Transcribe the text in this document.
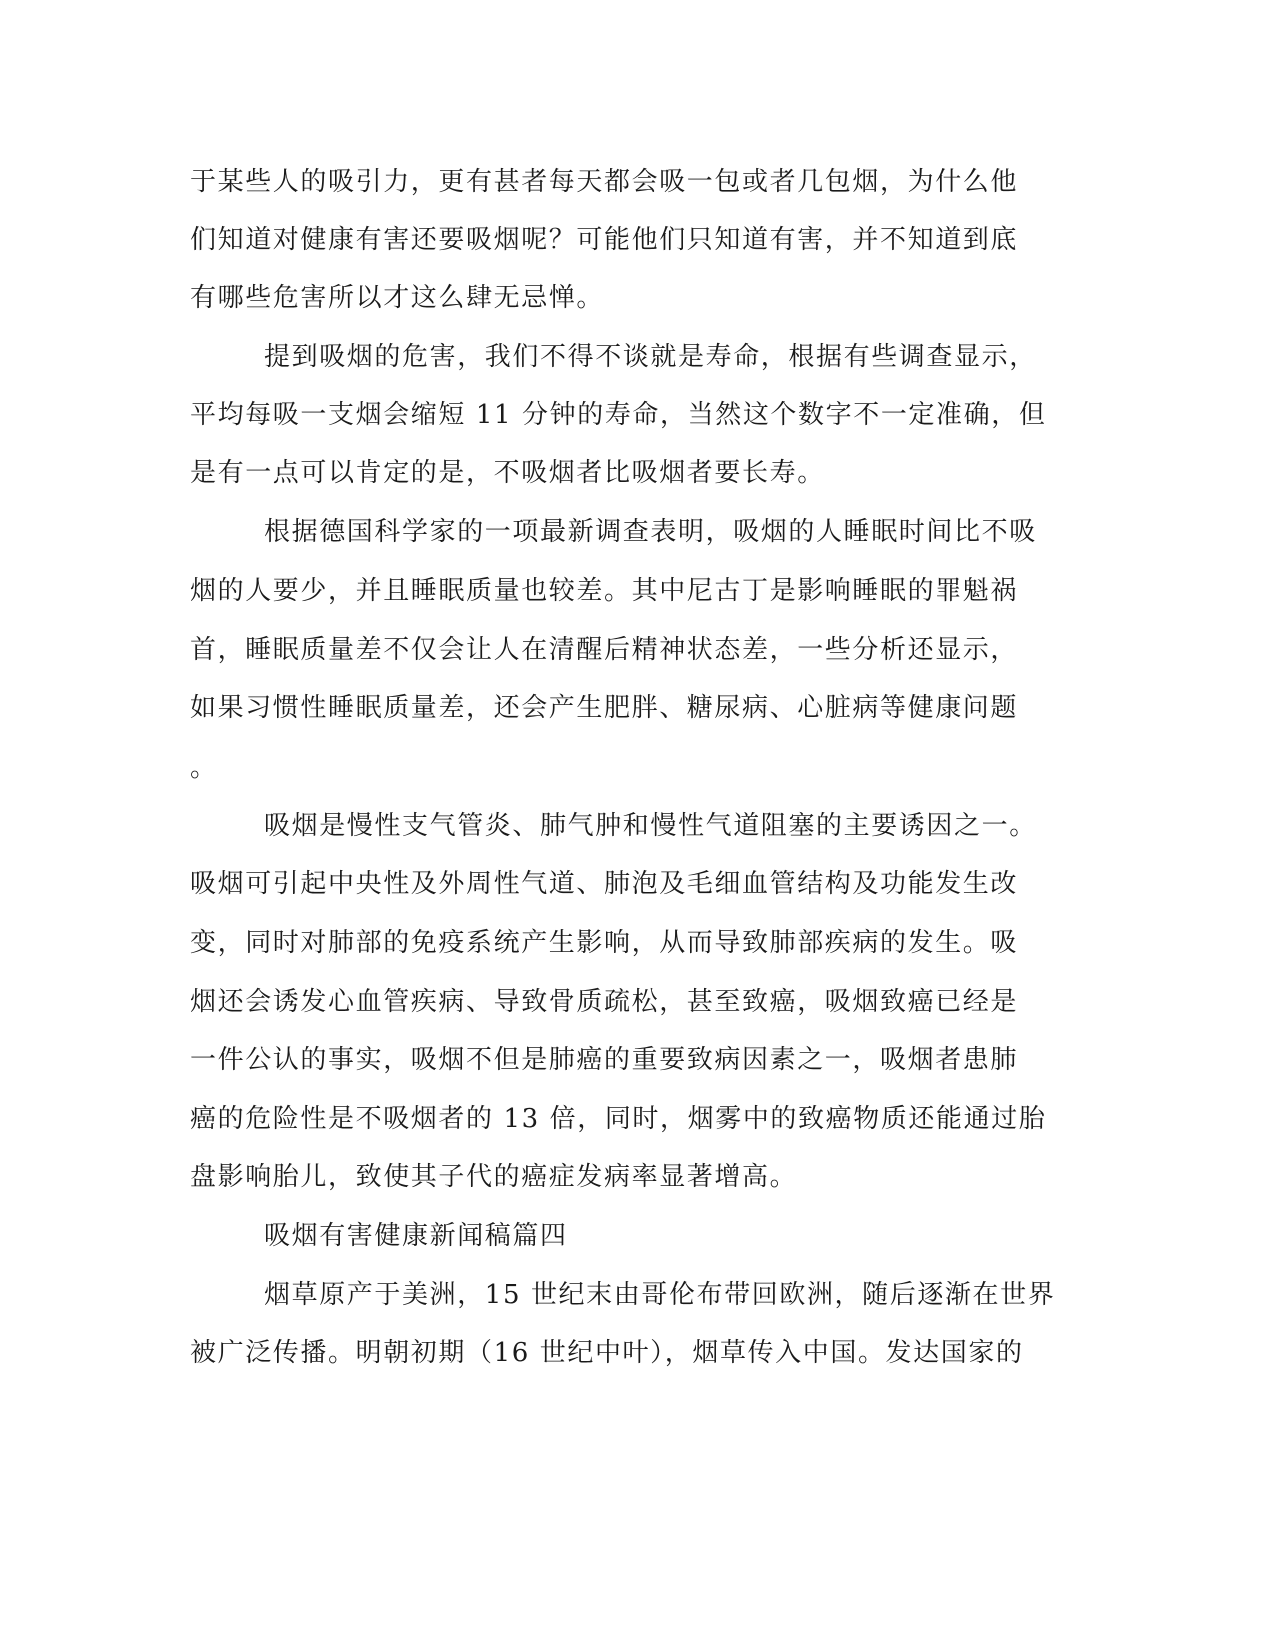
于某些人的吸引力，更有甚者每天都会吸一包或者几包烟，为什么他
们知道对健康有害还要吸烟呢？可能他们只知道有害，并不知道到底
有哪些危害所以才这么肆无忌惮。
提到吸烟的危害，我们不得不谈就是寿命，根据有些调查显示，
平均每吸一支烟会缩短 11 分钟的寿命，当然这个数字不一定准确，但
是有一点可以肯定的是，不吸烟者比吸烟者要长寿。
根据德国科学家的一项最新调查表明，吸烟的人睡眠时间比不吸
烟的人要少，并且睡眠质量也较差。其中尼古丁是影响睡眠的罪魁祸
首，睡眠质量差不仅会让人在清醒后精神状态差，一些分析还显示，
如果习惯性睡眠质量差，还会产生肥胖、糖尿病、心脏病等健康问题
。
吸烟是慢性支气管炎、肺气肿和慢性气道阻塞的主要诱因之一。
吸烟可引起中央性及外周性气道、肺泡及毛细血管结构及功能发生改
变，同时对肺部的免疫系统产生影响，从而导致肺部疾病的发生。吸
烟还会诱发心血管疾病、导致骨质疏松，甚至致癌，吸烟致癌已经是
一件公认的事实，吸烟不但是肺癌的重要致病因素之一，吸烟者患肺
癌的危险性是不吸烟者的 13 倍，同时，烟雾中的致癌物质还能通过胎
盘影响胎儿，致使其子代的癌症发病率显著增高。
吸烟有害健康新闻稿篇四
烟草原产于美洲，15 世纪末由哥伦布带回欧洲，随后逐渐在世界
被广泛传播。明朝初期（16 世纪中叶），烟草传入中国。发达国家的
